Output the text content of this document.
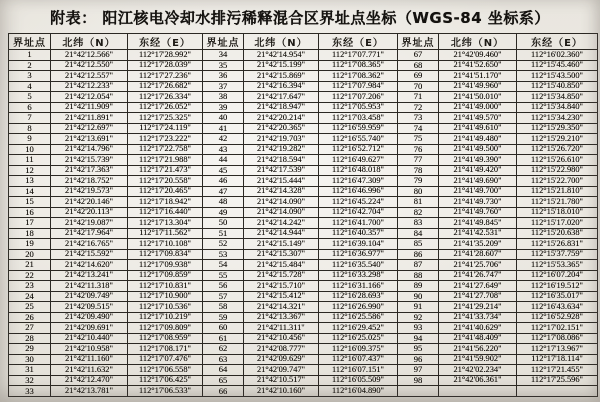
附表： 阳江核电冷却水排污稀释混合区界址点坐标（WGS-84 坐标系）
界址点	北纬（N）	东经（E）	界址点	北纬（N）	东经（E）	界址点	北纬（N）	东经（E）
1	21°42'12.566"	112°17'28.992"	34	21°42'14.954"	112°17'07.771"	67	21°42'09.460"	112°16'02.360"
2	21°42'12.550"	112°17'28.039"	35	21°42'15.199"	112°17'08.365"	68	21°41'52.650"	112°15'45.460"
3	21°42'12.557"	112°17'27.236"	36	21°42'15.869"	112°17'08.362"	69	21°41'51.170"	112°15'43.500"
4	21°42'12.233"	112°17'26.682"	37	21°42'16.394"	112°17'07.984"	70	21°41'49.960"	112°15'40.850"
5	21°42'12.054"	112°17'26.334"	38	21°42'17.647"	112°17'07.206"	71	21°41'50.010"	112°15'34.850"
6	21°42'11.909"	112°17'26.052"	39	21°42'18.947"	112°17'05.953"	72	21°41'49.000"	112°15'34.840"
7	21°42'11.891"	112°17'25.325"	40	21°42'20.214"	112°17'03.458"	73	21°41'49.570"	112°15'34.230"
8	21°42'12.697"	112°17'24.119"	41	21°42'20.365"	112°16'59.959"	74	21°41'49.610"	112°15'29.350"
9	21°42'13.691"	112°17'23.222"	42	21°42'19.703"	112°16'55.740"	75	21°41'49.480"	112°15'29.210"
10	21°42'14.796"	112°17'22.758"	43	21°42'19.282"	112°16'52.712"	76	21°41'49.500"	112°15'26.720"
11	21°42'15.739"	112°17'21.988"	44	21°42'18.594"	112°16'49.627"	77	21°41'49.390"	112°15'26.610"
12	21°42'17.363"	112°17'21.473"	45	21°42'17.539"	112°16'48.018"	78	21°41'49.420"	112°15'22.980"
13	21°42'18.752"	112°17'20.558"	46	21°42'15.444"	112°16'47.309"	79	21°41'49.690"	112°15'22.700"
14	21°42'19.573"	112°17'20.465"	47	21°42'14.328"	112°16'46.996"	80	21°41'49.700"	112°15'21.810"
15	21°42'20.146"	112°17'18.942"	48	21°42'14.090"	112°16'45.224"	81	21°41'49.730"	112°15'21.780"
16	21°42'20.113"	112°17'16.440"	49	21°42'14.090"	112°16'42.704"	82	21°41'49.760"	112°15'18.010"
17	21°42'19.087"	112°17'13.304"	50	21°42'14.242"	112°16'41.700"	83	21°41'49.845"	112°15'17.020"
18	21°42'17.964"	112°17'11.562"	51	21°42'14.944"	112°16'40.357"	84	21°41'42.531"	112°15'20.638"
19	21°42'16.765"	112°17'10.108"	52	21°42'15.149"	112°16'39.104"	85	21°41'35.209"	112°15'26.831"
20	21°42'15.592"	112°17'09.834"	53	21°42'15.307"	112°16'36.977"	86	21°41'28.607"	112°15'37.759"
21	21°42'14.620"	112°17'09.938"	54	21°42'15.484"	112°16'35.540"	87	21°41'25.706"	112°15'53.365"
22	21°42'13.241"	112°17'09.859"	55	21°42'15.728"	112°16'33.298"	88	21°41'26.747"	112°16'07.204"
23	21°42'11.318"	112°17'10.831"	56	21°42'15.710"	112°16'31.166"	89	21°41'27.649"	112°16'19.512"
24	21°42'09.749"	112°17'10.900"	57	21°42'15.412"	112°16'28.693"	90	21°41'27.708"	112°16'35.017"
25	21°42'09.515"	112°17'10.536"	58	21°42'14.321"	112°16'26.990"	91	21°41'29.214"	112°16'43.634"
26	21°42'09.490"	112°17'10.219"	59	21°42'13.367"	112°16'25.586"	92	21°41'33.734"	112°16'52.928"
27	21°42'09.691"	112°17'09.809"	60	21°42'11.311"	112°16'29.452"	93	21°41'40.629"	112°17'02.151"
28	21°42'10.440"	112°17'08.959"	61	21°42'10.456"	112°16'25.025"	94	21°41'48.409"	112°17'08.086"
29	21°42'10.958"	112°17'08.171"	62	21°42'08.777"	112°16'09.375"	95	21°41'56.220"	112°17'13.967"
30	21°42'11.160"	112°17'07.476"	63	21°42'09.629"	112°16'07.437"	96	21°41'59.902"	112°17'18.114"
31	21°42'11.632"	112°17'06.558"	64	21°42'09.747"	112°16'07.151"	97	21°42'02.234"	112°17'21.455"
32	21°42'12.470"	112°17'06.425"	65	21°42'10.517"	112°16'05.509"	98	21°42'06.361"	112°17'25.596"
33	21°42'13.781"	112°17'06.533"	66	21°42'10.160"	112°16'04.890"			
